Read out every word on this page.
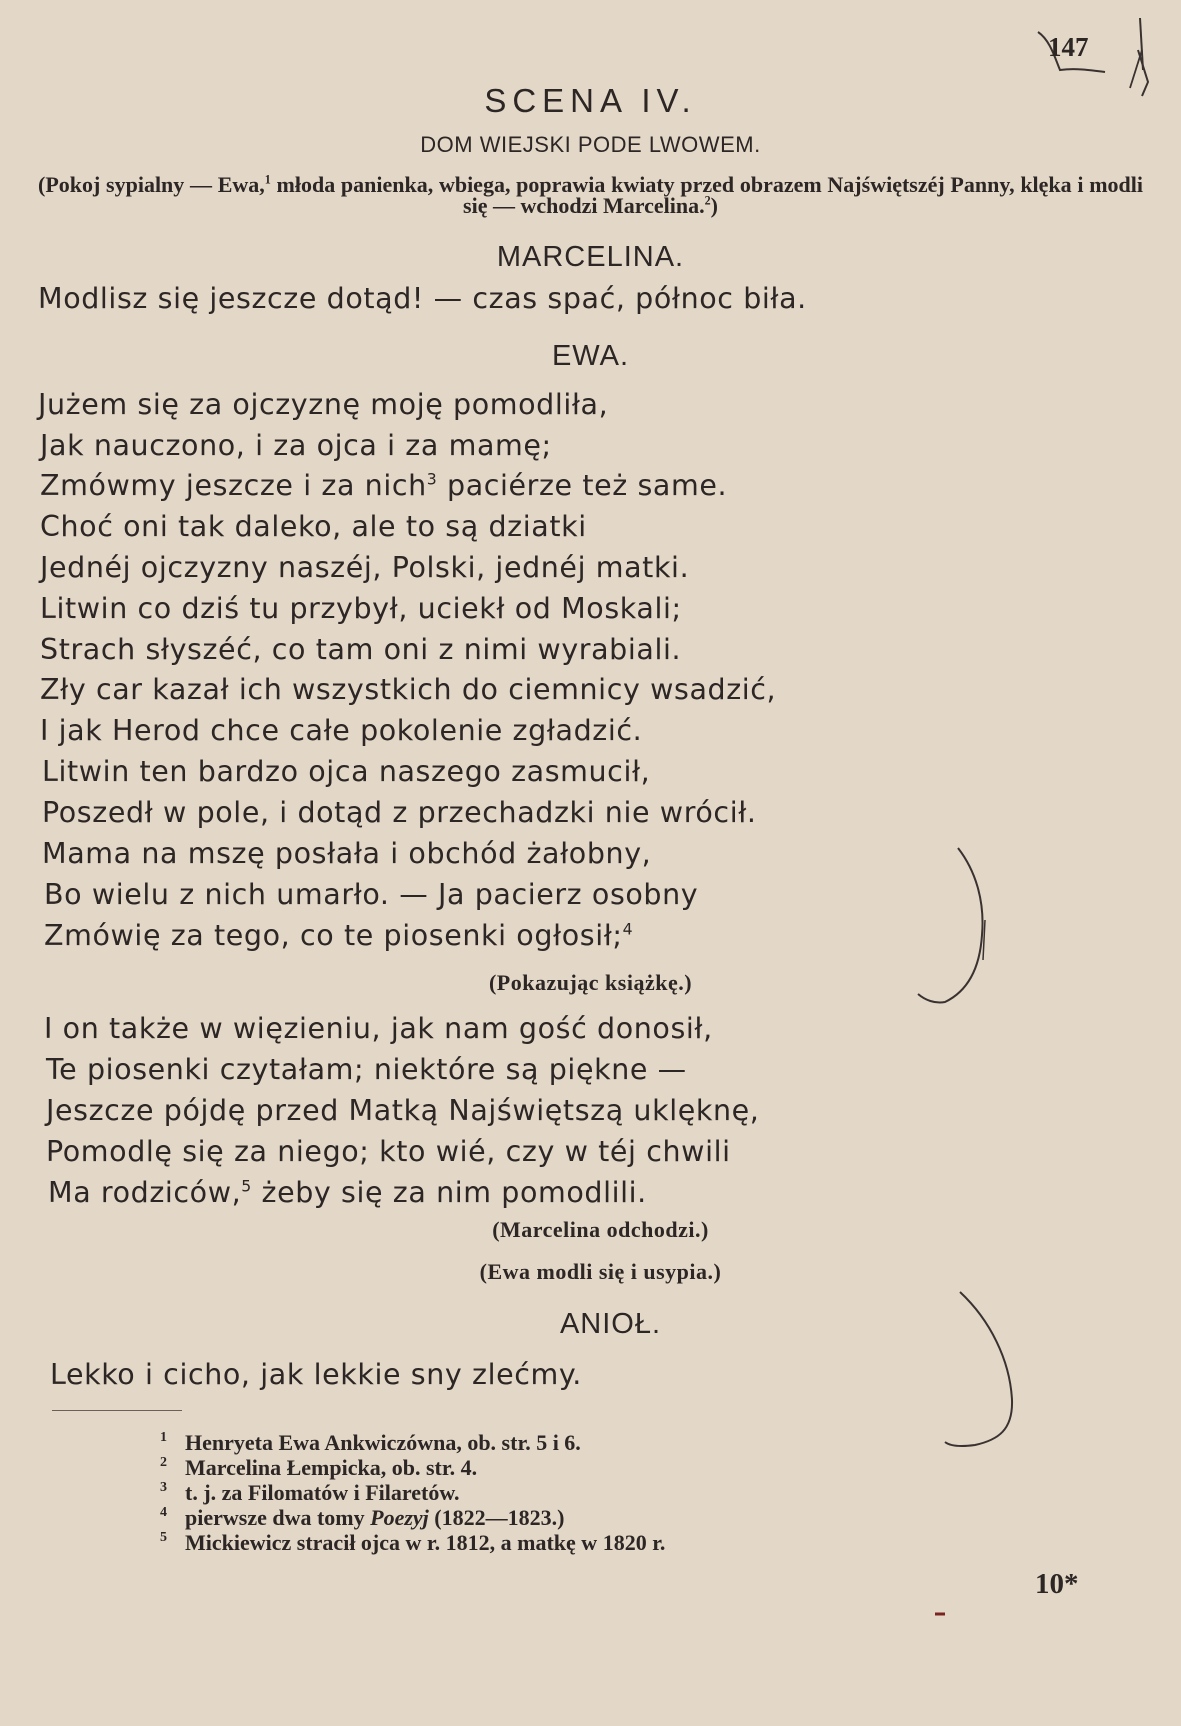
147
SCENA IV.
DOM WIEJSKI PODE LWOWEM.
(Pokoj sypialny — Ewa,$^1$ młoda panienka, wbiega, poprawia kwiaty przed obrazem Najświętszéj Panny, klęka i modli się — wchodzi Marcelina.$^2$)
MARCELINA.
Modlisz się jeszcze dotąd! — czas spać, północ biła.
EWA.
Jużem się za ojczyznę moję pomodliła,
Jak nauczono, i za ojca i za mamę;
Zmówmy jeszcze i za nich$^3$ paciérze też same.
Choć oni tak daleko, ale to są dziatki
Jednéj ojczyzny naszéj, Polski, jednéj matki.
Litwin co dziś tu przybył, uciekł od Moskali;
Strach słyszéć, co tam oni z nimi wyrabiali.
Zły car kazał ich wszystkich do ciemnicy wsadzić,
I jak Herod chce całe pokolenie zgładzić.
Litwin ten bardzo ojca naszego zasmucił,
Poszedł w pole, i dotąd z przechadzki nie wrócił.
Mama na mszę posłała i obchód żałobny,
Bo wielu z nich umarło. — Ja pacierz osobny
Zmówię za tego, co te piosenki ogłosił;$^4$
(Pokazując książkę.)
I on także w więzieniu, jak nam gość donosił,
Te piosenki czytałam; niektóre są piękne —
Jeszcze pójdę przed Matką Najświętszą uklęknę,
Pomodlę się za niego; kto wié, czy w téj chwili
Ma rodziców,$^5$ żeby się za nim pomodlili.
(Marcelina odchodzi.)
(Ewa modli się i usypia.)
ANIOŁ.
Lekko i cicho, jak lekkie sny zlećmy.
1 Henryeta Ewa Ankwiczówna, ob. str. 5 i 6.
2 Marcelina Łempicka, ob. str. 4.
3 t. j. za Filomatów i Filaretów.
4 pierwsze dwa tomy Poezyj (1822—1823.)
5 Mickiewicz stracił ojca w r. 1812, a matkę w 1820 r.
10*
